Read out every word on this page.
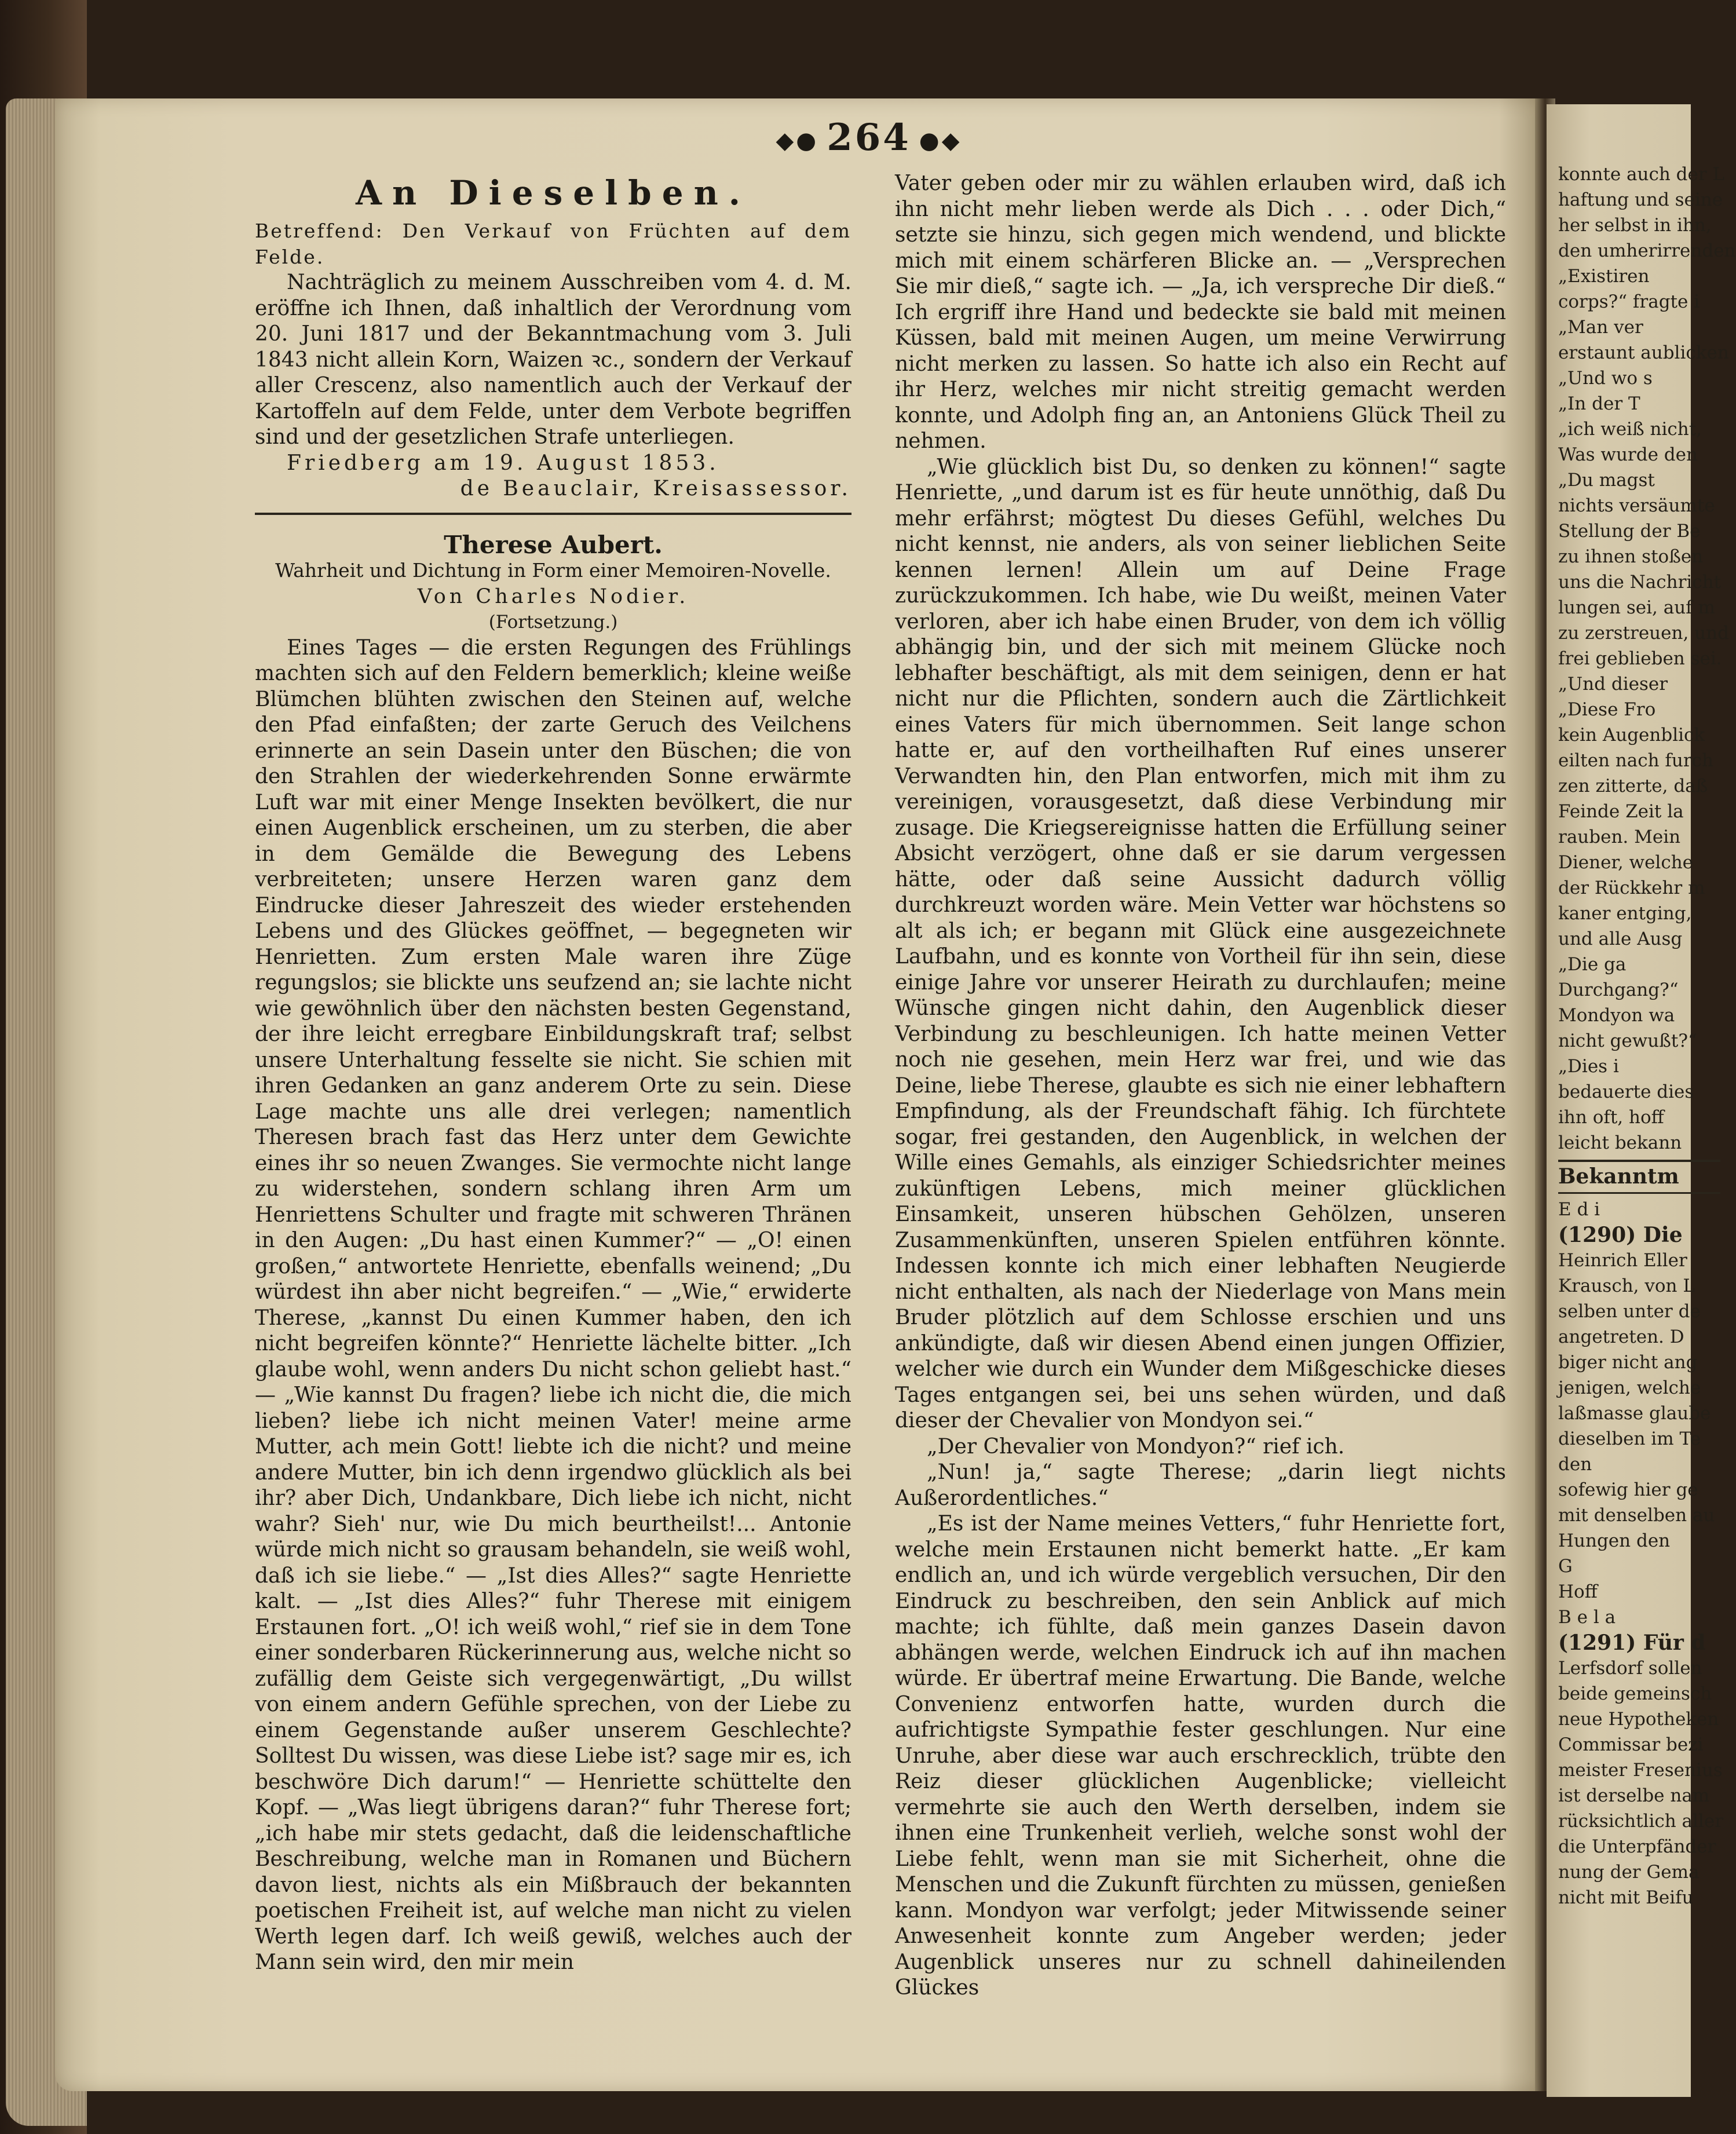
konnte auch der L
haftung und seine
her selbst in ihn,
den umherirrenden
„Existiren
corps?“ fragte i
„Man ver
erstaunt aublicken
„Und wo s
„In der T
„ich weiß nicht,
Was wurde den
„Du magst
nichts versäumte
Stellung der Be
zu ihnen stoßen
uns die Nachricht
lungen sei, auf m
zu zerstreuen, und
frei geblieben sei.
„Und dieser
„Diese Fro
kein Augenblick
eilten nach furch
zen zitterte, daß
Feinde Zeit la
rauben. Mein
Diener, welche
der Rückkehr m
kaner entging,
und alle Ausg
„Die ga
Durchgang?“
Mondyon wa
nicht gewußt?“
„Dies i
bedauerte dies
ihn oft, hoff
leicht bekann
Bekanntm
E d i
(1290) Die
Heinrich Eller
Krausch, von L
selben unter de
angetreten. D
biger nicht ang
jenigen, welche
laßmasse glaube
dieselben im Te
den
sofewig hier ge
mit denselben au
Hungen den
G
Hoff
B e l a
(1291) Für d
Lerfsdorf sollen
beide gemeinsch
neue Hypotheken
Commissar bezi
meister Fresenius
ist derselbe nam
rücksichtlich aller
die Unterpfänder
nung der Gema
nicht mit Beifu
◆● 264 ●◆
An Dieselben.

Betreffend: Den Verkauf von Früchten auf dem Felde.

Nachträglich zu meinem Ausschreiben vom 4. d. M. eröffne ich Ihnen, daß inhaltlich der Verordnung vom 20. Juni 1817 und der Bekanntmachung vom 3. Juli 1843 nicht allein Korn, Waizen ꝛc., sondern der Verkauf aller Crescenz, also namentlich auch der Verkauf der Kartoffeln auf dem Felde, unter dem Verbote begriffen sind und der gesetzlichen Strafe unterliegen.

Friedberg am 19. August 1853.

de Beauclair, Kreisassessor.

Therese Aubert.

Wahrheit und Dichtung in Form einer Memoiren-Novelle.

Von Charles Nodier.

(Fortsetzung.)

Eines Tages — die ersten Regungen des Frühlings machten sich auf den Feldern bemerklich; kleine weiße Blümchen blühten zwischen den Steinen auf, welche den Pfad einfaßten; der zarte Geruch des Veilchens erinnerte an sein Dasein unter den Büschen; die von den Strahlen der wiederkehrenden Sonne erwärmte Luft war mit einer Menge Insekten bevölkert, die nur einen Augenblick erscheinen, um zu sterben, die aber in dem Gemälde die Bewegung des Lebens verbreiteten; unsere Herzen waren ganz dem Eindrucke dieser Jahreszeit des wieder erstehenden Lebens und des Glückes geöffnet, — begegneten wir Henrietten. Zum ersten Male waren ihre Züge regungslos; sie blickte uns seufzend an; sie lachte nicht wie gewöhnlich über den nächsten besten Gegenstand, der ihre leicht erregbare Einbildungskraft traf; selbst unsere Unterhaltung fesselte sie nicht. Sie schien mit ihren Gedanken an ganz anderem Orte zu sein. Diese Lage machte uns alle drei verlegen; namentlich Theresen brach fast das Herz unter dem Gewichte eines ihr so neuen Zwanges. Sie vermochte nicht lange zu widerstehen, sondern schlang ihren Arm um Henriettens Schulter und fragte mit schweren Thränen in den Augen: „Du hast einen Kummer?“ — „O! einen großen,“ antwortete Henriette, ebenfalls weinend; „Du würdest ihn aber nicht begreifen.“ — „Wie,“ erwiderte Therese, „kannst Du einen Kummer haben, den ich nicht begreifen könnte?“ Henriette lächelte bitter. „Ich glaube wohl, wenn anders Du nicht schon geliebt hast.“ — „Wie kannst Du fragen? liebe ich nicht die, die mich lieben? liebe ich nicht meinen Vater! meine arme Mutter, ach mein Gott! liebte ich die nicht? und meine andere Mutter, bin ich denn irgendwo glücklich als bei ihr? aber Dich, Undankbare, Dich liebe ich nicht, nicht wahr? Sieh' nur, wie Du mich beurtheilst!... Antonie würde mich nicht so grausam behandeln, sie weiß wohl, daß ich sie liebe.“ — „Ist dies Alles?“ sagte Henriette kalt. — „Ist dies Alles?“ fuhr Therese mit einigem Erstaunen fort. „O! ich weiß wohl,“ rief sie in dem Tone einer sonderbaren Rückerinnerung aus, welche nicht so zufällig dem Geiste sich vergegenwärtigt, „Du willst von einem andern Gefühle sprechen, von der Liebe zu einem Gegenstande außer unserem Geschlechte? Solltest Du wissen, was diese Liebe ist? sage mir es, ich beschwöre Dich darum!“ — Henriette schüttelte den Kopf. — „Was liegt übrigens daran?“ fuhr Therese fort; „ich habe mir stets gedacht, daß die leidenschaftliche Beschreibung, welche man in Romanen und Büchern davon liest, nichts als ein Mißbrauch der bekannten poetischen Freiheit ist, auf welche man nicht zu vielen Werth legen darf. Ich weiß gewiß, welches auch der Mann sein wird, den mir mein

Vater geben oder mir zu wählen erlauben wird, daß ich ihn nicht mehr lieben werde als Dich . . . oder Dich,“ setzte sie hinzu, sich gegen mich wendend, und blickte mich mit einem schärferen Blicke an. — „Versprechen Sie mir dieß,“ sagte ich. — „Ja, ich verspreche Dir dieß.“ Ich ergriff ihre Hand und bedeckte sie bald mit meinen Küssen, bald mit meinen Augen, um meine Verwirrung nicht merken zu lassen. So hatte ich also ein Recht auf ihr Herz, welches mir nicht streitig gemacht werden konnte, und Adolph fing an, an Antoniens Glück Theil zu nehmen.

„Wie glücklich bist Du, so denken zu können!“ sagte Henriette, „und darum ist es für heute unnöthig, daß Du mehr erfährst; mögtest Du dieses Gefühl, welches Du nicht kennst, nie anders, als von seiner lieblichen Seite kennen lernen! Allein um auf Deine Frage zurückzukommen. Ich habe, wie Du weißt, meinen Vater verloren, aber ich habe einen Bruder, von dem ich völlig abhängig bin, und der sich mit meinem Glücke noch lebhafter beschäftigt, als mit dem seinigen, denn er hat nicht nur die Pflichten, sondern auch die Zärtlichkeit eines Vaters für mich übernommen. Seit lange schon hatte er, auf den vortheilhaften Ruf eines unserer Verwandten hin, den Plan entworfen, mich mit ihm zu vereinigen, vorausgesetzt, daß diese Verbindung mir zusage. Die Kriegsereignisse hatten die Erfüllung seiner Absicht verzögert, ohne daß er sie darum vergessen hätte, oder daß seine Aussicht dadurch völlig durchkreuzt worden wäre. Mein Vetter war höchstens so alt als ich; er begann mit Glück eine ausgezeichnete Laufbahn, und es konnte von Vortheil für ihn sein, diese einige Jahre vor unserer Heirath zu durchlaufen; meine Wünsche gingen nicht dahin, den Augenblick dieser Verbindung zu beschleunigen. Ich hatte meinen Vetter noch nie gesehen, mein Herz war frei, und wie das Deine, liebe Therese, glaubte es sich nie einer lebhaftern Empfindung, als der Freundschaft fähig. Ich fürchtete sogar, frei gestanden, den Augenblick, in welchen der Wille eines Gemahls, als einziger Schiedsrichter meines zukünftigen Lebens, mich meiner glücklichen Einsamkeit, unseren hübschen Gehölzen, unseren Zusammenkünften, unseren Spielen entführen könnte. Indessen konnte ich mich einer lebhaften Neugierde nicht enthalten, als nach der Niederlage von Mans mein Bruder plötzlich auf dem Schlosse erschien und uns ankündigte, daß wir diesen Abend einen jungen Offizier, welcher wie durch ein Wunder dem Mißgeschicke dieses Tages entgangen sei, bei uns sehen würden, und daß dieser der Chevalier von Mondyon sei.“

„Der Chevalier von Mondyon?“ rief ich.

„Nun! ja,“ sagte Therese; „darin liegt nichts Außerordentliches.“

„Es ist der Name meines Vetters,“ fuhr Henriette fort, welche mein Erstaunen nicht bemerkt hatte. „Er kam endlich an, und ich würde vergeblich versuchen, Dir den Eindruck zu beschreiben, den sein Anblick auf mich machte; ich fühlte, daß mein ganzes Dasein davon abhängen werde, welchen Eindruck ich auf ihn machen würde. Er übertraf meine Erwartung. Die Bande, welche Convenienz entworfen hatte, wurden durch die aufrichtigste Sympathie fester geschlungen. Nur eine Unruhe, aber diese war auch erschrecklich, trübte den Reiz dieser glücklichen Augenblicke; vielleicht vermehrte sie auch den Werth derselben, indem sie ihnen eine Trunkenheit verlieh, welche sonst wohl der Liebe fehlt, wenn man sie mit Sicherheit, ohne die Menschen und die Zukunft fürchten zu müssen, genießen kann. Mondyon war verfolgt; jeder Mitwissende seiner Anwesenheit konnte zum Angeber werden; jeder Augenblick unseres nur zu schnell dahineilenden Glückes
